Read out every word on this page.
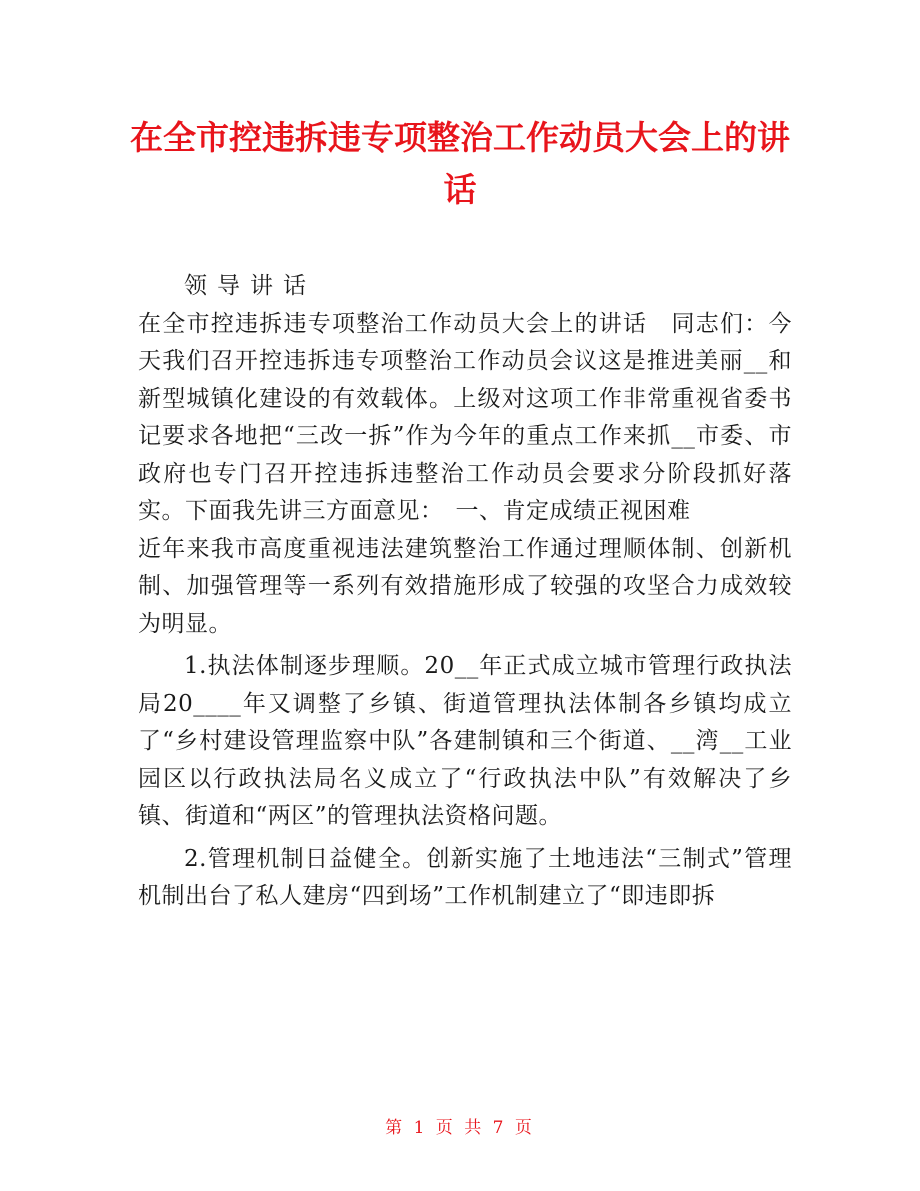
在全市控违拆违专项整治工作动员大会上的讲话

领导讲话

在全市控违拆违专项整治工作动员大会上的讲话　同志们：今天我们召开控违拆违专项整治工作动员会议这是推进美丽__和新型城镇化建设的有效载体。上级对这项工作非常重视省委书记要求各地把“三改一拆”作为今年的重点工作来抓__市委、市政府也专门召开控违拆违整治工作动员会要求分阶段抓好落实。下面我先讲三方面意见：　一、肯定成绩正视困难

近年来我市高度重视违法建筑整治工作通过理顺体制、创新机制、加强管理等一系列有效措施形成了较强的攻坚合力成效较为明显。

1.执法体制逐步理顺。20__年正式成立城市管理行政执法局20____年又调整了乡镇、街道管理执法体制各乡镇均成立了“乡村建设管理监察中队”各建制镇和三个街道、__湾__工业园区以行政执法局名义成立了“行政执法中队”有效解决了乡镇、街道和“两区”的管理执法资格问题。

2.管理机制日益健全。创新实施了土地违法“三制式”管理机制出台了私人建房“四到场”工作机制建立了“即违即拆

第 1 页 共 7 页
